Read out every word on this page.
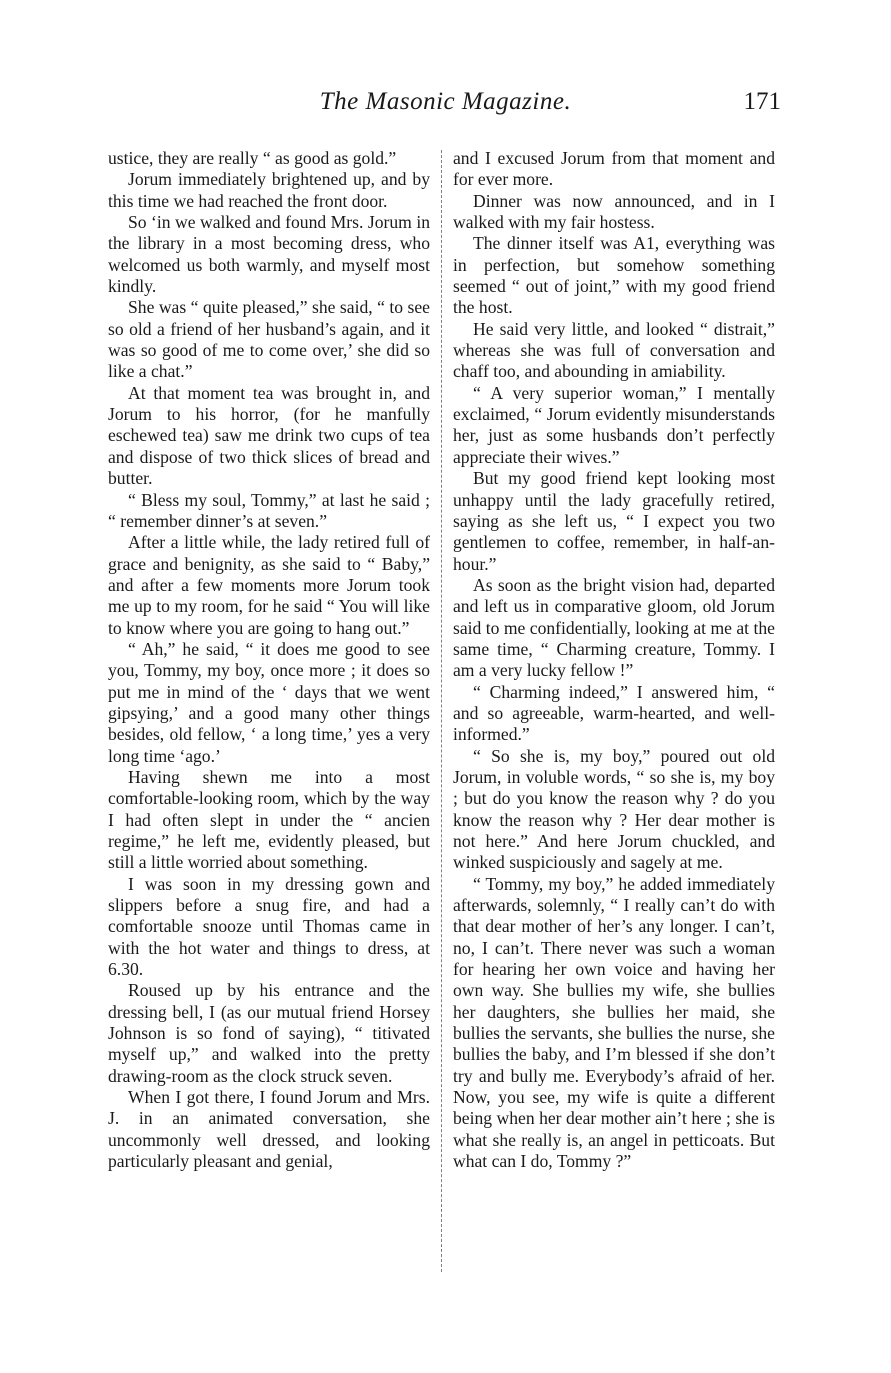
The Masonic Magazine.	171

ustice, they are really “ as good as gold.”

Jorum immediately brightened up, and by this time we had reached the front door.

So ‘in we walked and found Mrs. Jorum in the library in a most becoming dress, who welcomed us both warmly, and myself most kindly.

She was “ quite pleased,” she said, “ to see so old a friend of her husband’s again, and it was so good of me to come over,’ she did so like a chat.”

At that moment tea was brought in, and Jorum to his horror, (for he manfully eschewed tea) saw me drink two cups of tea and dispose of two thick slices of bread and butter.

“ Bless my soul, Tommy,” at last he said ; “ remember dinner’s at seven.”

After a little while, the lady retired full of grace and benignity, as she said to “ Baby,” and after a few moments more Jorum took me up to my room, for he said “ You will like to know where you are going to hang out.”

“ Ah,” he said, “ it does me good to see you, Tommy, my boy, once more ; it does so put me in mind of the ‘ days that we went gipsying,’ and a good many other things besides, old fellow, ‘ a long time,’ yes a very long time ‘ago.’

Having shewn me into a most comfortable-looking room, which by the way I had often slept in under the “ ancien regime,” he left me, evidently pleased, but still a little worried about something.

I was soon in my dressing gown and slippers before a snug fire, and had a comfortable snooze until Thomas came in with the hot water and things to dress, at 6.30.

Roused up by his entrance and the dressing bell, I (as our mutual friend Horsey Johnson is so fond of saying), “ titivated myself up,” and walked into the pretty drawing-room as the clock struck seven.

When I got there, I found Jorum and Mrs. J. in an animated conversation, she uncommonly well dressed, and looking particularly pleasant and genial,

and I excused Jorum from that moment and for ever more.

Dinner was now announced, and in I walked with my fair hostess.

The dinner itself was A1, everything was in perfection, but somehow something seemed “ out of joint,” with my good friend the host.

He said very little, and looked “ distrait,” whereas she was full of conversation and chaff too, and abounding in amiability.

“ A very superior woman,” I mentally exclaimed, “ Jorum evidently misunderstands her, just as some husbands don’t perfectly appreciate their wives.”

But my good friend kept looking most unhappy until the lady gracefully retired, saying as she left us, “ I expect you two gentlemen to coffee, remember, in half-an-hour.”

As soon as the bright vision had, departed and left us in comparative gloom, old Jorum said to me confidentially, looking at me at the same time, “ Charming creature, Tommy. I am a very lucky fellow !”

“ Charming indeed,” I answered him, “ and so agreeable, warm-hearted, and well-informed.”

“ So she is, my boy,” poured out old Jorum, in voluble words, “ so she is, my boy ; but do you know the reason why ? do you know the reason why ? Her dear mother is not here.” And here Jorum chuckled, and winked suspiciously and sagely at me.

“ Tommy, my boy,” he added immediately afterwards, solemnly, “ I really can’t do with that dear mother of her’s any longer. I can’t, no, I can’t. There never was such a woman for hearing her own voice and having her own way. She bullies my wife, she bullies her daughters, she bullies her maid, she bullies the servants, she bullies the nurse, she bullies the baby, and I’m blessed if she don’t try and bully me. Everybody’s afraid of her. Now, you see, my wife is quite a different being when her dear mother ain’t here ; she is what she really is, an angel in petticoats. But what can I do, Tommy ?”
